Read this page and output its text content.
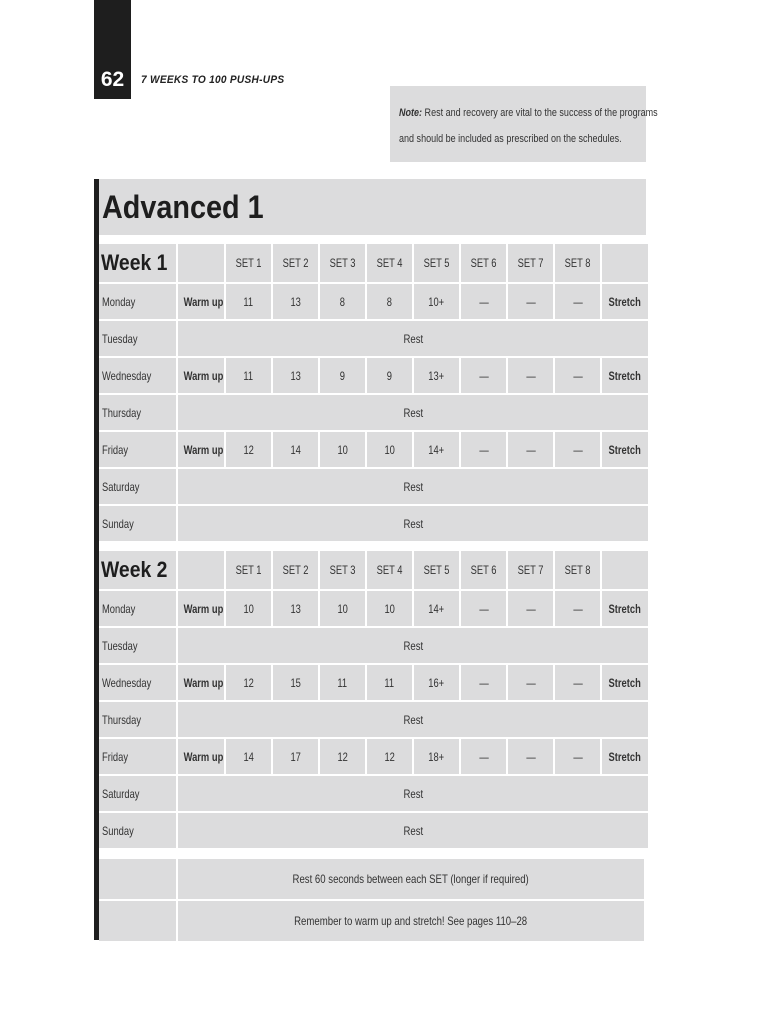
62	7 WEEKS TO 100 PUSH-UPS
Note: Rest and recovery are vital to the success of the programs
and should be included as prescribed on the schedules.
Advanced 1
Week 1		SET 1	SET 2	SET 3	SET 4	SET 5	SET 6	SET 7	SET 8	
Monday	Warm up	11	13	8	8	10+	—	—	—	Stretch
Tuesday	Rest									
Wednesday	Warm up	11	13	9	9	13+	—	—	—	Stretch
Thursday	Rest									
Friday	Warm up	12	14	10	10	14+	—	—	—	Stretch
Saturday	Rest									
Sunday	Rest									
Week 2		SET 1	SET 2	SET 3	SET 4	SET 5	SET 6	SET 7	SET 8	
Monday	Warm up	10	13	10	10	14+	—	—	—	Stretch
Tuesday	Rest									
Wednesday	Warm up	12	15	11	11	16+	—	—	—	Stretch
Thursday	Rest									
Friday	Warm up	14	17	12	12	18+	—	—	—	Stretch
Saturday	Rest									
Sunday	Rest									
	Rest 60 seconds between each SET (longer if required)
	Remember to warm up and stretch! See pages 110–28
